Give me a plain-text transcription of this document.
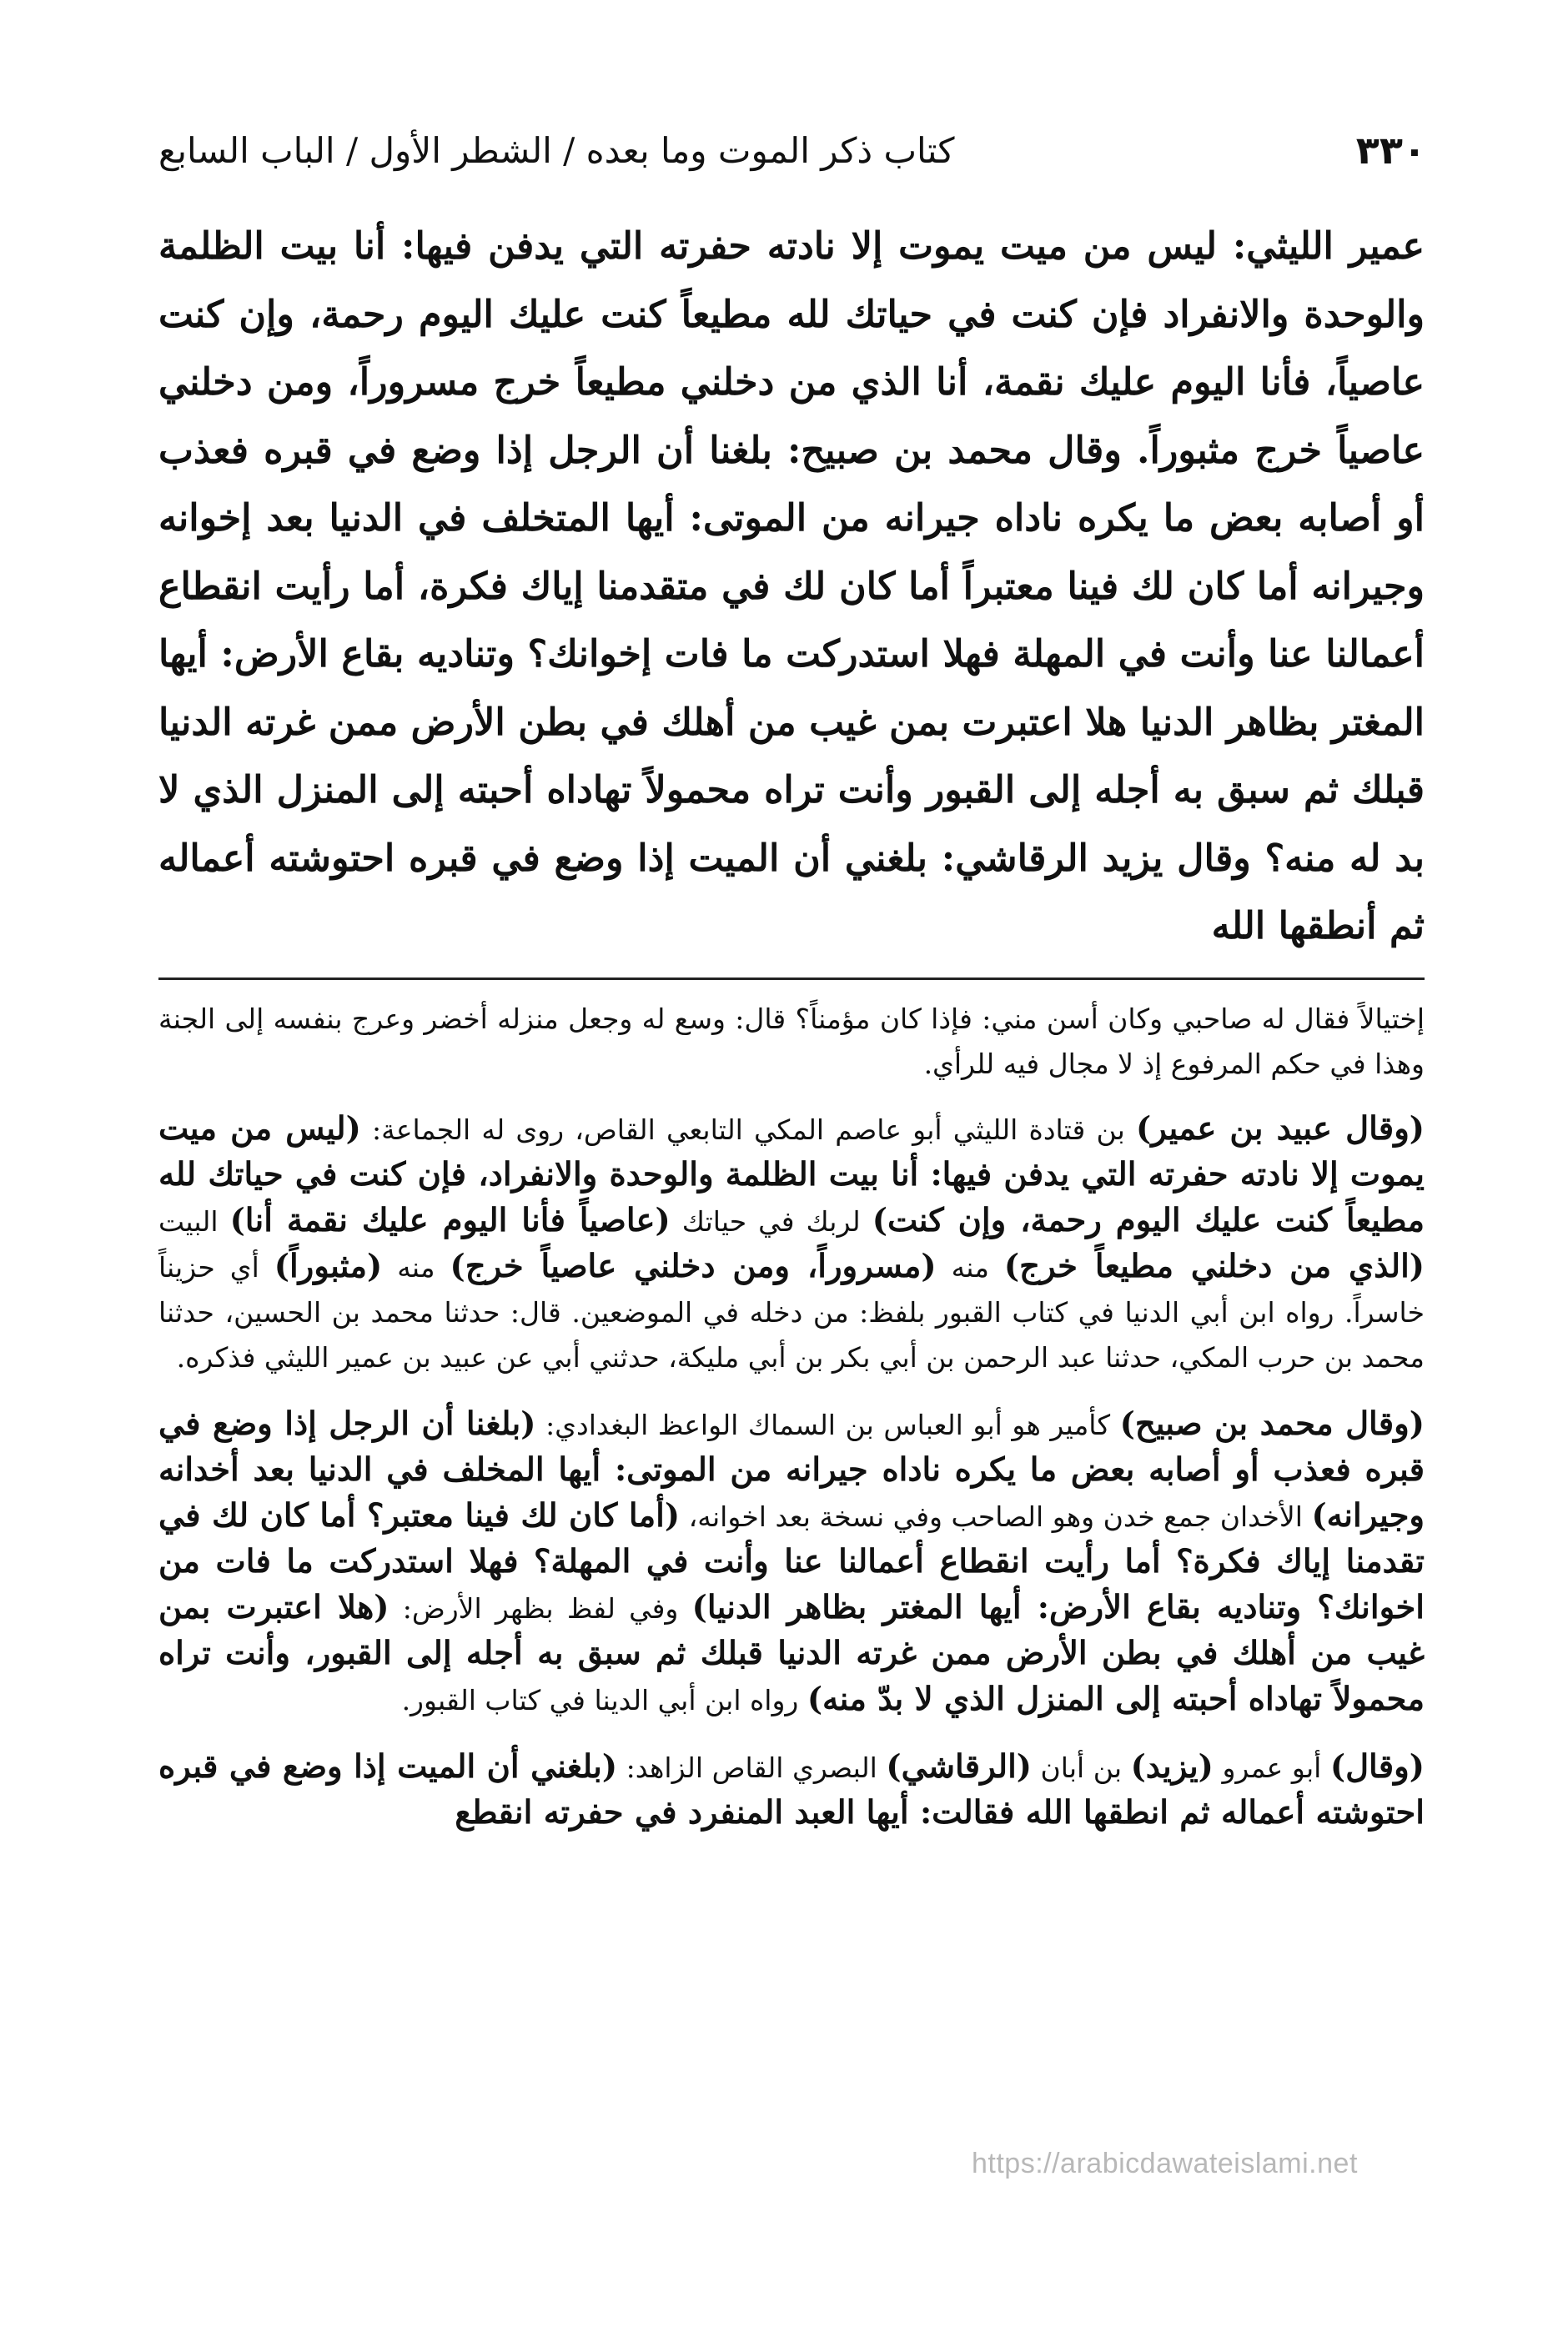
٣٣٠
كتاب ذكر الموت وما بعده / الشطر الأول / الباب السابع

عمير الليثي: ليس من ميت يموت إلا نادته حفرته التي يدفن فيها: أنا بيت الظلمة والوحدة والانفراد فإن كنت في حياتك لله مطيعاً كنت عليك اليوم رحمة، وإن كنت عاصياً، فأنا اليوم عليك نقمة، أنا الذي من دخلني مطيعاً خرج مسروراً، ومن دخلني عاصياً خرج مثبوراً. وقال محمد بن صبيح: بلغنا أن الرجل إذا وضع في قبره فعذب أو أصابه بعض ما يكره ناداه جيرانه من الموتى: أيها المتخلف في الدنيا بعد إخوانه وجيرانه أما كان لك فينا معتبراً أما كان لك في متقدمنا إياك فكرة، أما رأيت انقطاع أعمالنا عنا وأنت في المهلة فهلا استدركت ما فات إخوانك؟ وتناديه بقاع الأرض: أيها المغتر بظاهر الدنيا هلا اعتبرت بمن غيب من أهلك في بطن الأرض ممن غرته الدنيا قبلك ثم سبق به أجله إلى القبور وأنت تراه محمولاً تهاداه أحبته إلى المنزل الذي لا بد له منه؟ وقال يزيد الرقاشي: بلغني أن الميت إذا وضع في قبره احتوشته أعماله ثم أنطقها الله

إختيالاً فقال له صاحبي وكان أسن مني: فإذا كان مؤمناً؟ قال: وسع له وجعل منزله أخضر وعرج بنفسه إلى الجنة وهذا في حكم المرفوع إذ لا مجال فيه للرأي.

(وقال عبيد بن عمير) بن قتادة الليثي أبو عاصم المكي التابعي القاص، روى له الجماعة: (ليس من ميت يموت إلا نادته حفرته التي يدفن فيها: أنا بيت الظلمة والوحدة والانفراد، فإن كنت في حياتك لله مطيعاً كنت عليك اليوم رحمة، وإن كنت) لربك في حياتك (عاصياً فأنا اليوم عليك نقمة أنا) البيت (الذي من دخلني مطيعاً خرج) منه (مسروراً، ومن دخلني عاصياً خرج) منه (مثبوراً) أي حزيناً خاسراً. رواه ابن أبي الدنيا في كتاب القبور بلفظ: من دخله في الموضعين. قال: حدثنا محمد بن الحسين، حدثنا محمد بن حرب المكي، حدثنا عبد الرحمن بن أبي بكر بن أبي مليكة، حدثني أبي عن عبيد بن عمير الليثي فذكره.

(وقال محمد بن صبيح) كأمير هو أبو العباس بن السماك الواعظ البغدادي: (بلغنا أن الرجل إذا وضع في قبره فعذب أو أصابه بعض ما يكره ناداه جيرانه من الموتى: أيها المخلف في الدنيا بعد أخدانه وجيرانه) الأخدان جمع خدن وهو الصاحب وفي نسخة بعد اخوانه، (أما كان لك فينا معتبر؟ أما كان لك في تقدمنا إياك فكرة؟ أما رأيت انقطاع أعمالنا عنا وأنت في المهلة؟ فهلا استدركت ما فات من اخوانك؟ وتناديه بقاع الأرض: أيها المغتر بظاهر الدنيا) وفي لفظ بظهر الأرض: (هلا اعتبرت بمن غيب من أهلك في بطن الأرض ممن غرته الدنيا قبلك ثم سبق به أجله إلى القبور، وأنت تراه محمولاً تهاداه أحبته إلى المنزل الذي لا بدّ منه) رواه ابن أبي الدينا في كتاب القبور.

(وقال) أبو عمرو (يزيد) بن أبان (الرقاشي) البصري القاص الزاهد: (بلغني أن الميت إذا وضع في قبره احتوشته أعماله ثم انطقها الله فقالت: أيها العبد المنفرد في حفرته انقطع

https://arabicdawateislami.net
